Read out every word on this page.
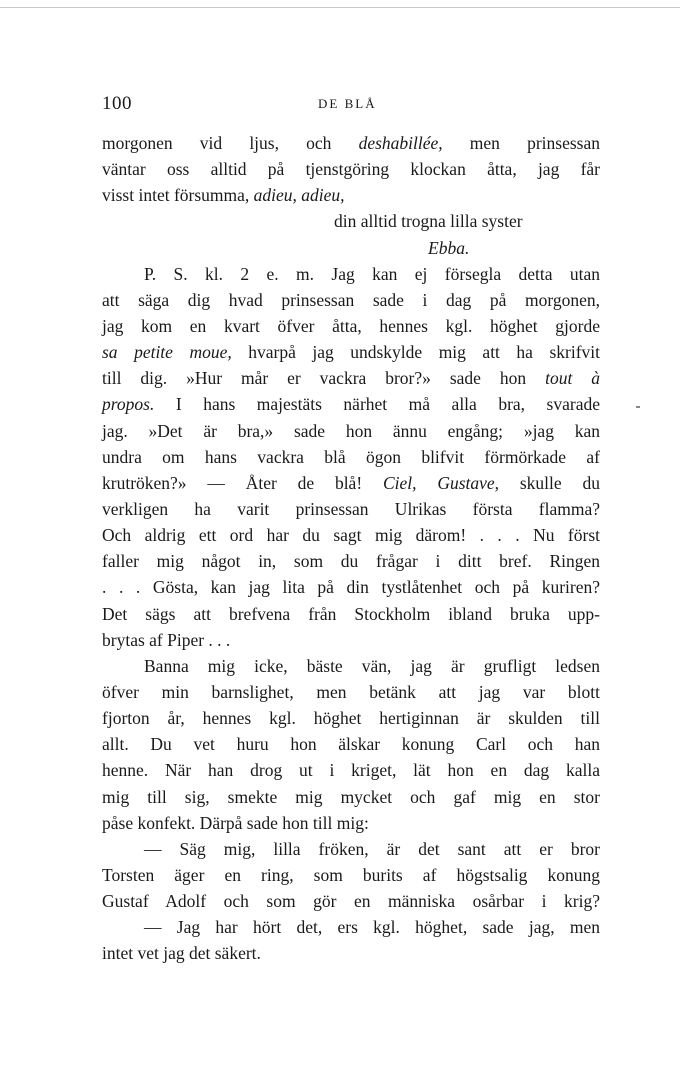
100	DE BLÅ
morgonen vid ljus, och deshabillée, men prinsessan
väntar oss alltid på tjenstgöring klockan åtta, jag får
visst intet försumma, adieu, adieu,
din alltid trogna lilla syster
Ebba.
P. S. kl. 2 e. m. Jag kan ej försegla detta utan
att säga dig hvad prinsessan sade i dag på morgonen,
jag kom en kvart öfver åtta, hennes kgl. höghet gjorde
sa petite moue, hvarpå jag undskylde mig att ha skrifvit
till dig. »Hur mår er vackra bror?» sade hon tout à
propos. I hans majestäts närhet må alla bra, svarade
jag. »Det är bra,» sade hon ännu engång; »jag kan
undra om hans vackra blå ögon blifvit förmörkade af
krutröken?» — Åter de blå! Ciel, Gustave, skulle du
verkligen ha varit prinsessan Ulrikas första flamma?
Och aldrig ett ord har du sagt mig därom! . . . Nu först
faller mig något in, som du frågar i ditt bref. Ringen
. . . Gösta, kan jag lita på din tystlåtenhet och på kuriren?
Det sägs att brefvena från Stockholm ibland bruka upp-
brytas af Piper . . .
Banna mig icke, bäste vän, jag är grufligt ledsen
öfver min barnslighet, men betänk att jag var blott
fjorton år, hennes kgl. höghet hertiginnan är skulden till
allt. Du vet huru hon älskar konung Carl och han
henne. När han drog ut i kriget, lät hon en dag kalla
mig till sig, smekte mig mycket och gaf mig en stor
påse konfekt. Därpå sade hon till mig:
— Säg mig, lilla fröken, är det sant att er bror
Torsten äger en ring, som burits af högstsalig konung
Gustaf Adolf och som gör en människa osårbar i krig?
— Jag har hört det, ers kgl. höghet, sade jag, men
intet vet jag det säkert.
